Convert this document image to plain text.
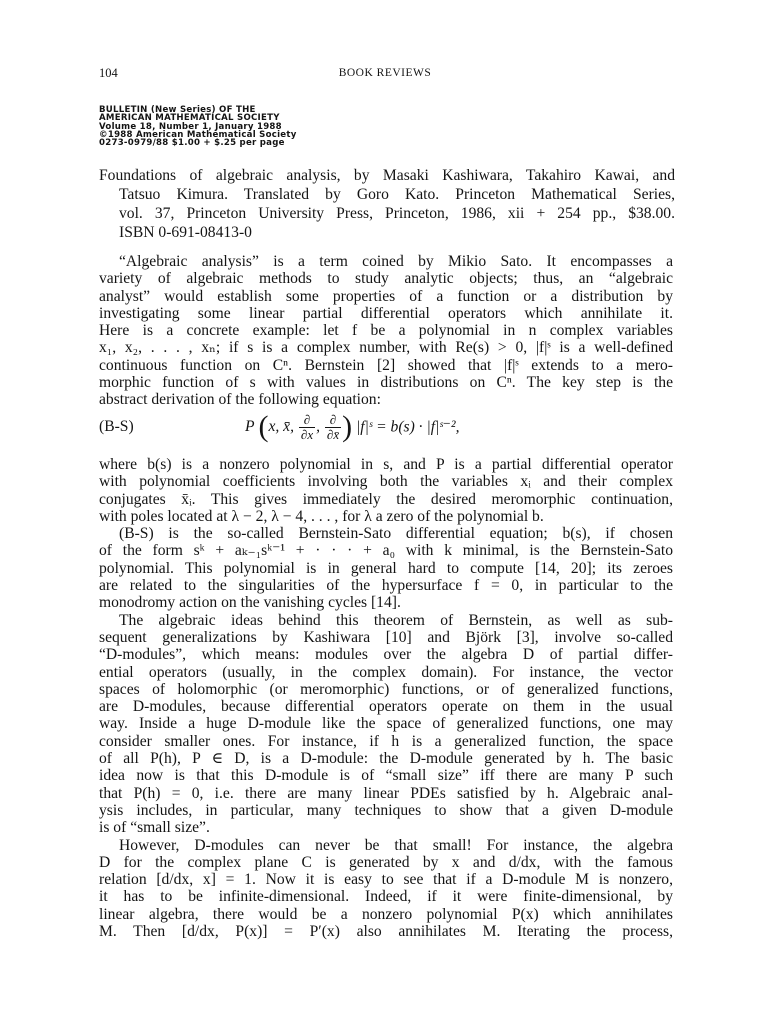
104	BOOK REVIEWS
BULLETIN (New Series) OF THE
AMERICAN MATHEMATICAL SOCIETY
Volume 18, Number 1, January 1988
©1988 American Mathematical Society
0273-0979/88 $1.00 + $.25 per page
Foundations of algebraic analysis, by Masaki Kashiwara, Takahiro Kawai, and
Tatsuo Kimura. Translated by Goro Kato. Princeton Mathematical Series,
vol. 37, Princeton University Press, Princeton, 1986, xii + 254 pp., $38.00.
ISBN 0-691-08413-0
“Algebraic analysis” is a term coined by Mikio Sato. It encompasses a
variety of algebraic methods to study analytic objects; thus, an “algebraic
analyst” would establish some properties of a function or a distribution by
investigating some linear partial differential operators which annihilate it.
Here is a concrete example: let f be a polynomial in n complex variables
x₁, x₂, . . . , xₙ; if s is a complex number, with Re(s) > 0, |f|ˢ is a well-defined
continuous function on Cⁿ. Bernstein [2] showed that |f|ˢ extends to a mero-
morphic function of s with values in distributions on Cⁿ. The key step is the
abstract derivation of the following equation:
(B-S)	P (x, x̄, $\frac{\partial}{\partial x}$ , $\frac{\partial}{\partial x̄}$ ) |f|ˢ = b(s) · |f|ˢ⁻²,
where b(s) is a nonzero polynomial in s, and P is a partial differential operator
with polynomial coefficients involving both the variables xᵢ and their complex
conjugates x̄ᵢ. This gives immediately the desired meromorphic continuation,
with poles located at λ − 2, λ − 4, . . . , for λ a zero of the polynomial b.
(B-S) is the so-called Bernstein-Sato differential equation; b(s), if chosen
of the form sᵏ + aₖ₋₁sᵏ⁻¹ + · · · + a₀ with k minimal, is the Bernstein-Sato
polynomial. This polynomial is in general hard to compute [14, 20]; its zeroes
are related to the singularities of the hypersurface f = 0, in particular to the
monodromy action on the vanishing cycles [14].
The algebraic ideas behind this theorem of Bernstein, as well as sub-
sequent generalizations by Kashiwara [10] and Björk [3], involve so-called
“D-modules”, which means: modules over the algebra D of partial differ-
ential operators (usually, in the complex domain). For instance, the vector
spaces of holomorphic (or meromorphic) functions, or of generalized functions,
are D-modules, because differential operators operate on them in the usual
way. Inside a huge D-module like the space of generalized functions, one may
consider smaller ones. For instance, if h is a generalized function, the space
of all P(h), P ∈ D, is a D-module: the D-module generated by h. The basic
idea now is that this D-module is of “small size” iff there are many P such
that P(h) = 0, i.e. there are many linear PDEs satisfied by h. Algebraic anal-
ysis includes, in particular, many techniques to show that a given D-module
is of “small size”.
However, D-modules can never be that small! For instance, the algebra
D for the complex plane C is generated by x and d/dx, with the famous
relation [d/dx, x] = 1. Now it is easy to see that if a D-module M is nonzero,
it has to be infinite-dimensional. Indeed, if it were finite-dimensional, by
linear algebra, there would be a nonzero polynomial P(x) which annihilates
M. Then [d/dx, P(x)] = P′(x) also annihilates M. Iterating the process,
